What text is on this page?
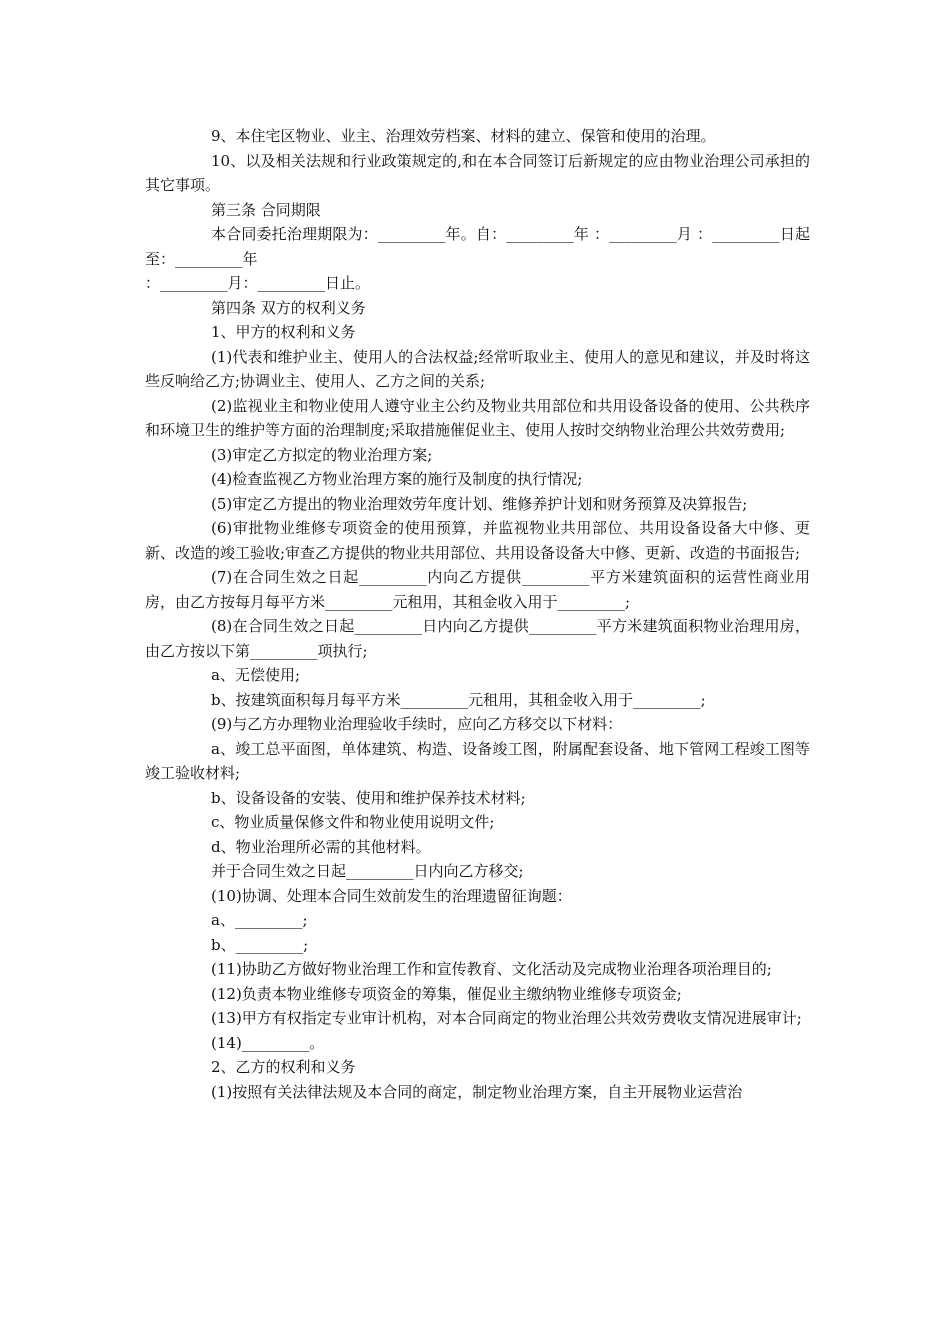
9、本住宅区物业、业主、治理效劳档案、材料的建立、保管和使用的治理。

10、以及相关法规和行业政策规定的,和在本合同签订后新规定的应由物业治理公司承担的其它事项。

第三条 合同期限

本合同委托治理期限为：_________年。自：_________年 ：_________月 ：_________日起至：_________年

：_________月：_________日止。

第四条 双方的权利义务

1、甲方的权利和义务

(1)代表和维护业主、使用人的合法权益;经常听取业主、使用人的意见和建议，并及时将这些反响给乙方;协调业主、使用人、乙方之间的关系;

(2)监视业主和物业使用人遵守业主公约及物业共用部位和共用设备设备的使用、公共秩序和环境卫生的维护等方面的治理制度;采取措施催促业主、使用人按时交纳物业治理公共效劳费用;

(3)审定乙方拟定的物业治理方案;

(4)检查监视乙方物业治理方案的施行及制度的执行情况;

(5)审定乙方提出的物业治理效劳年度计划、维修养护计划和财务预算及决算报告;

(6)审批物业维修专项资金的使用预算，并监视物业共用部位、共用设备设备大中修、更新、改造的竣工验收;审查乙方提供的物业共用部位、共用设备设备大中修、更新、改造的书面报告;

(7)在合同生效之日起_________内向乙方提供_________平方米建筑面积的运营性商业用房，由乙方按每月每平方米_________元租用，其租金收入用于_________;

(8)在合同生效之日起_________日内向乙方提供_________平方米建筑面积物业治理用房，由乙方按以下第_________项执行;

a、无偿使用;

b、按建筑面积每月每平方米_________元租用，其租金收入用于_________;

(9)与乙方办理物业治理验收手续时，应向乙方移交以下材料：

a、竣工总平面图，单体建筑、构造、设备竣工图，附属配套设备、地下管网工程竣工图等竣工验收材料;

b、设备设备的安装、使用和维护保养技术材料;

c、物业质量保修文件和物业使用说明文件;

d、物业治理所必需的其他材料。

并于合同生效之日起_________日内向乙方移交;

(10)协调、处理本合同生效前发生的治理遗留征询题：

a、_________;

b、_________;

(11)协助乙方做好物业治理工作和宣传教育、文化活动及完成物业治理各项治理目的;

(12)负责本物业维修专项资金的筹集，催促业主缴纳物业维修专项资金;

(13)甲方有权指定专业审计机构，对本合同商定的物业治理公共效劳费收支情况进展审计;

(14)_________。

2、乙方的权利和义务

(1)按照有关法律法规及本合同的商定，制定物业治理方案，自主开展物业运营治
